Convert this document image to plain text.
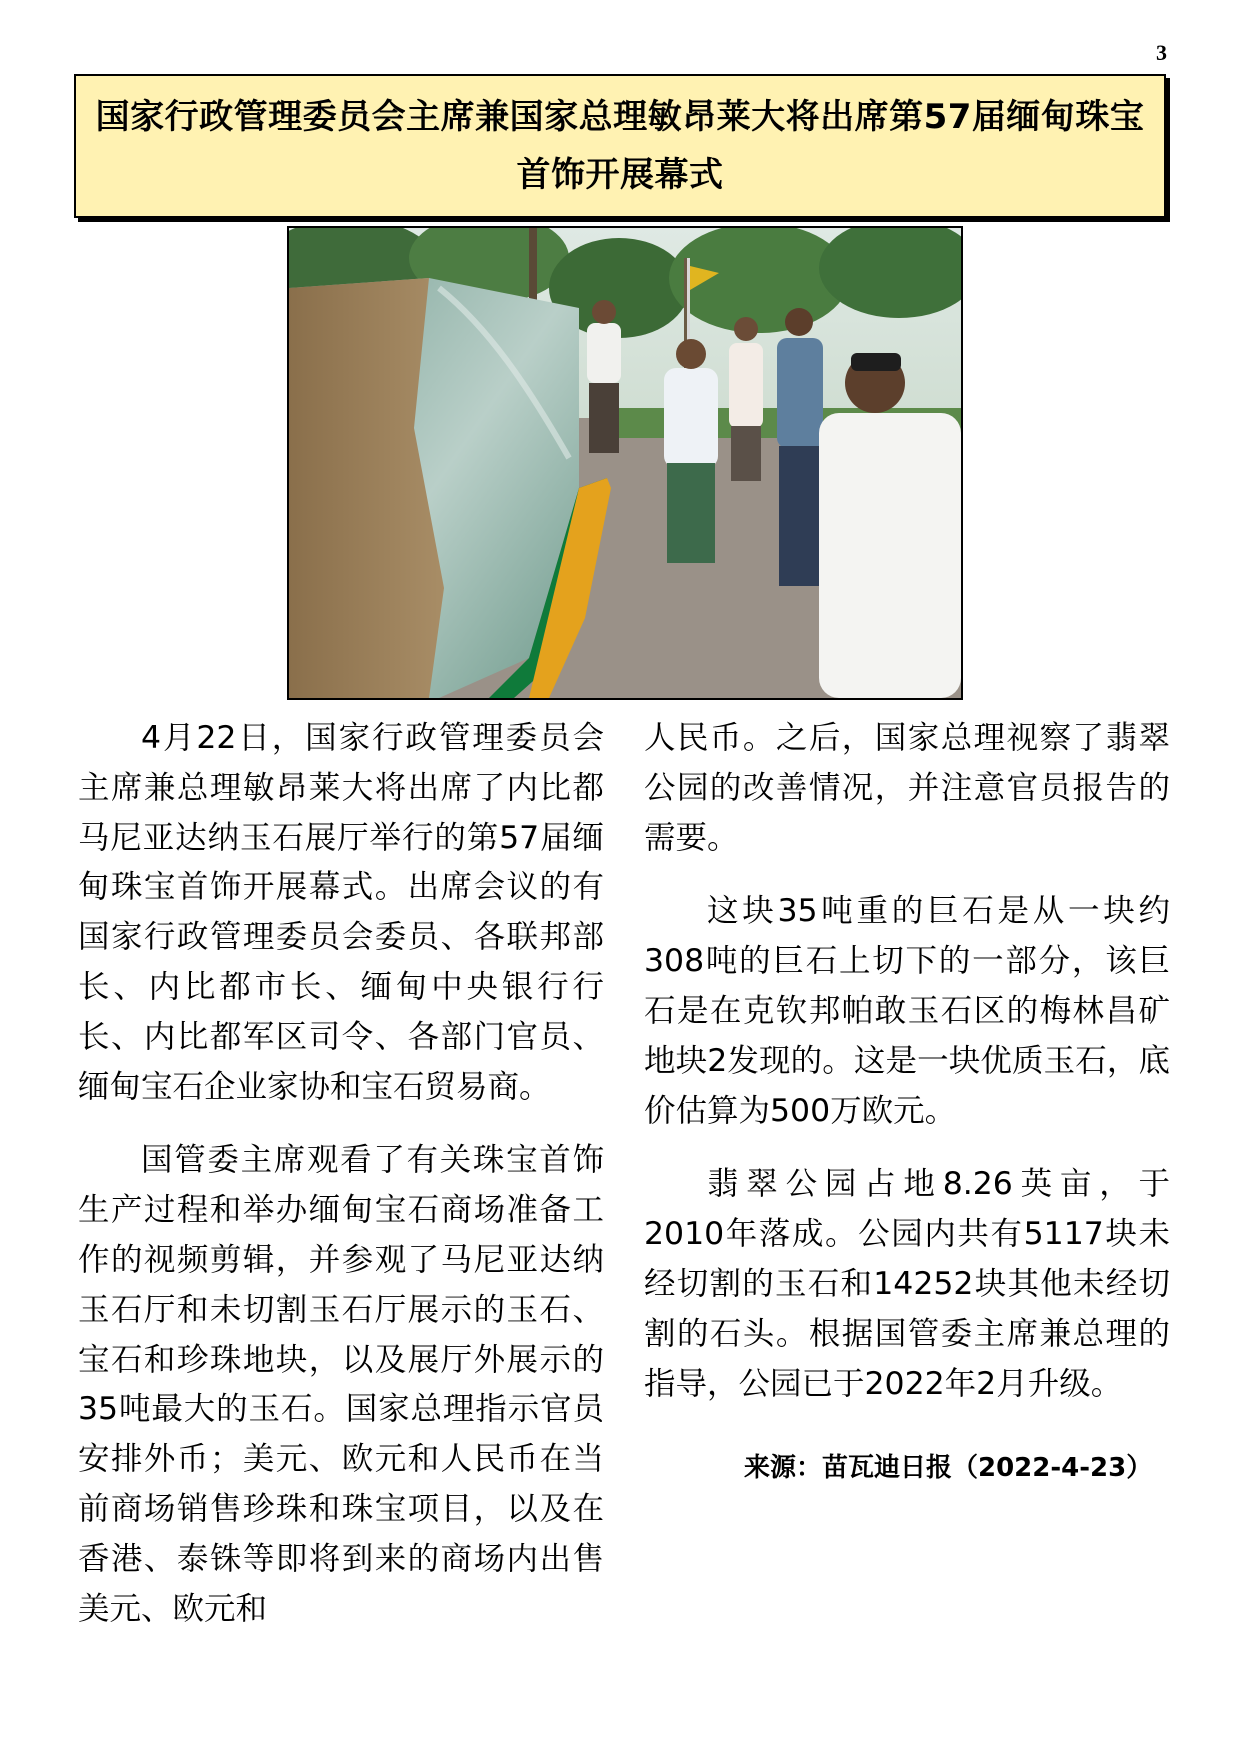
3
国家行政管理委员会主席兼国家总理敏昂莱大将出席第57届缅甸珠宝首饰开展幕式

4月22日，国家行政管理委员会主席兼总理敏昂莱大将出席了内比都马尼亚达纳玉石展厅举行的第57届缅甸珠宝首饰开展幕式。出席会议的有国家行政管理委员会委员、各联邦部长、内比都市长、缅甸中央银行行长、内比都军区司令、各部门官员、缅甸宝石企业家协和宝石贸易商。

国管委主席观看了有关珠宝首饰生产过程和举办缅甸宝石商场准备工作的视频剪辑，并参观了马尼亚达纳玉石厅和未切割玉石厅展示的玉石、宝石和珍珠地块，以及展厅外展示的35吨最大的玉石。国家总理指示官员安排外币；美元、欧元和人民币在当前商场销售珍珠和珠宝项目，以及在香港、泰铢等即将到来的商场内出售美元、欧元和

人民币。之后，国家总理视察了翡翠公园的改善情况，并注意官员报告的需要。

这块35吨重的巨石是从一块约308吨的巨石上切下的一部分，该巨石是在克钦邦帕敢玉石区的梅林昌矿地块2发现的。这是一块优质玉石，底价估算为500万欧元。

翡翠公园占地8.26英亩，于2010年落成。公园内共有5117块未经切割的玉石和14252块其他未经切割的石头。根据国管委主席兼总理的指导，公园已于2022年2月升级。

来源：苗瓦迪日报（2022-4-23）
